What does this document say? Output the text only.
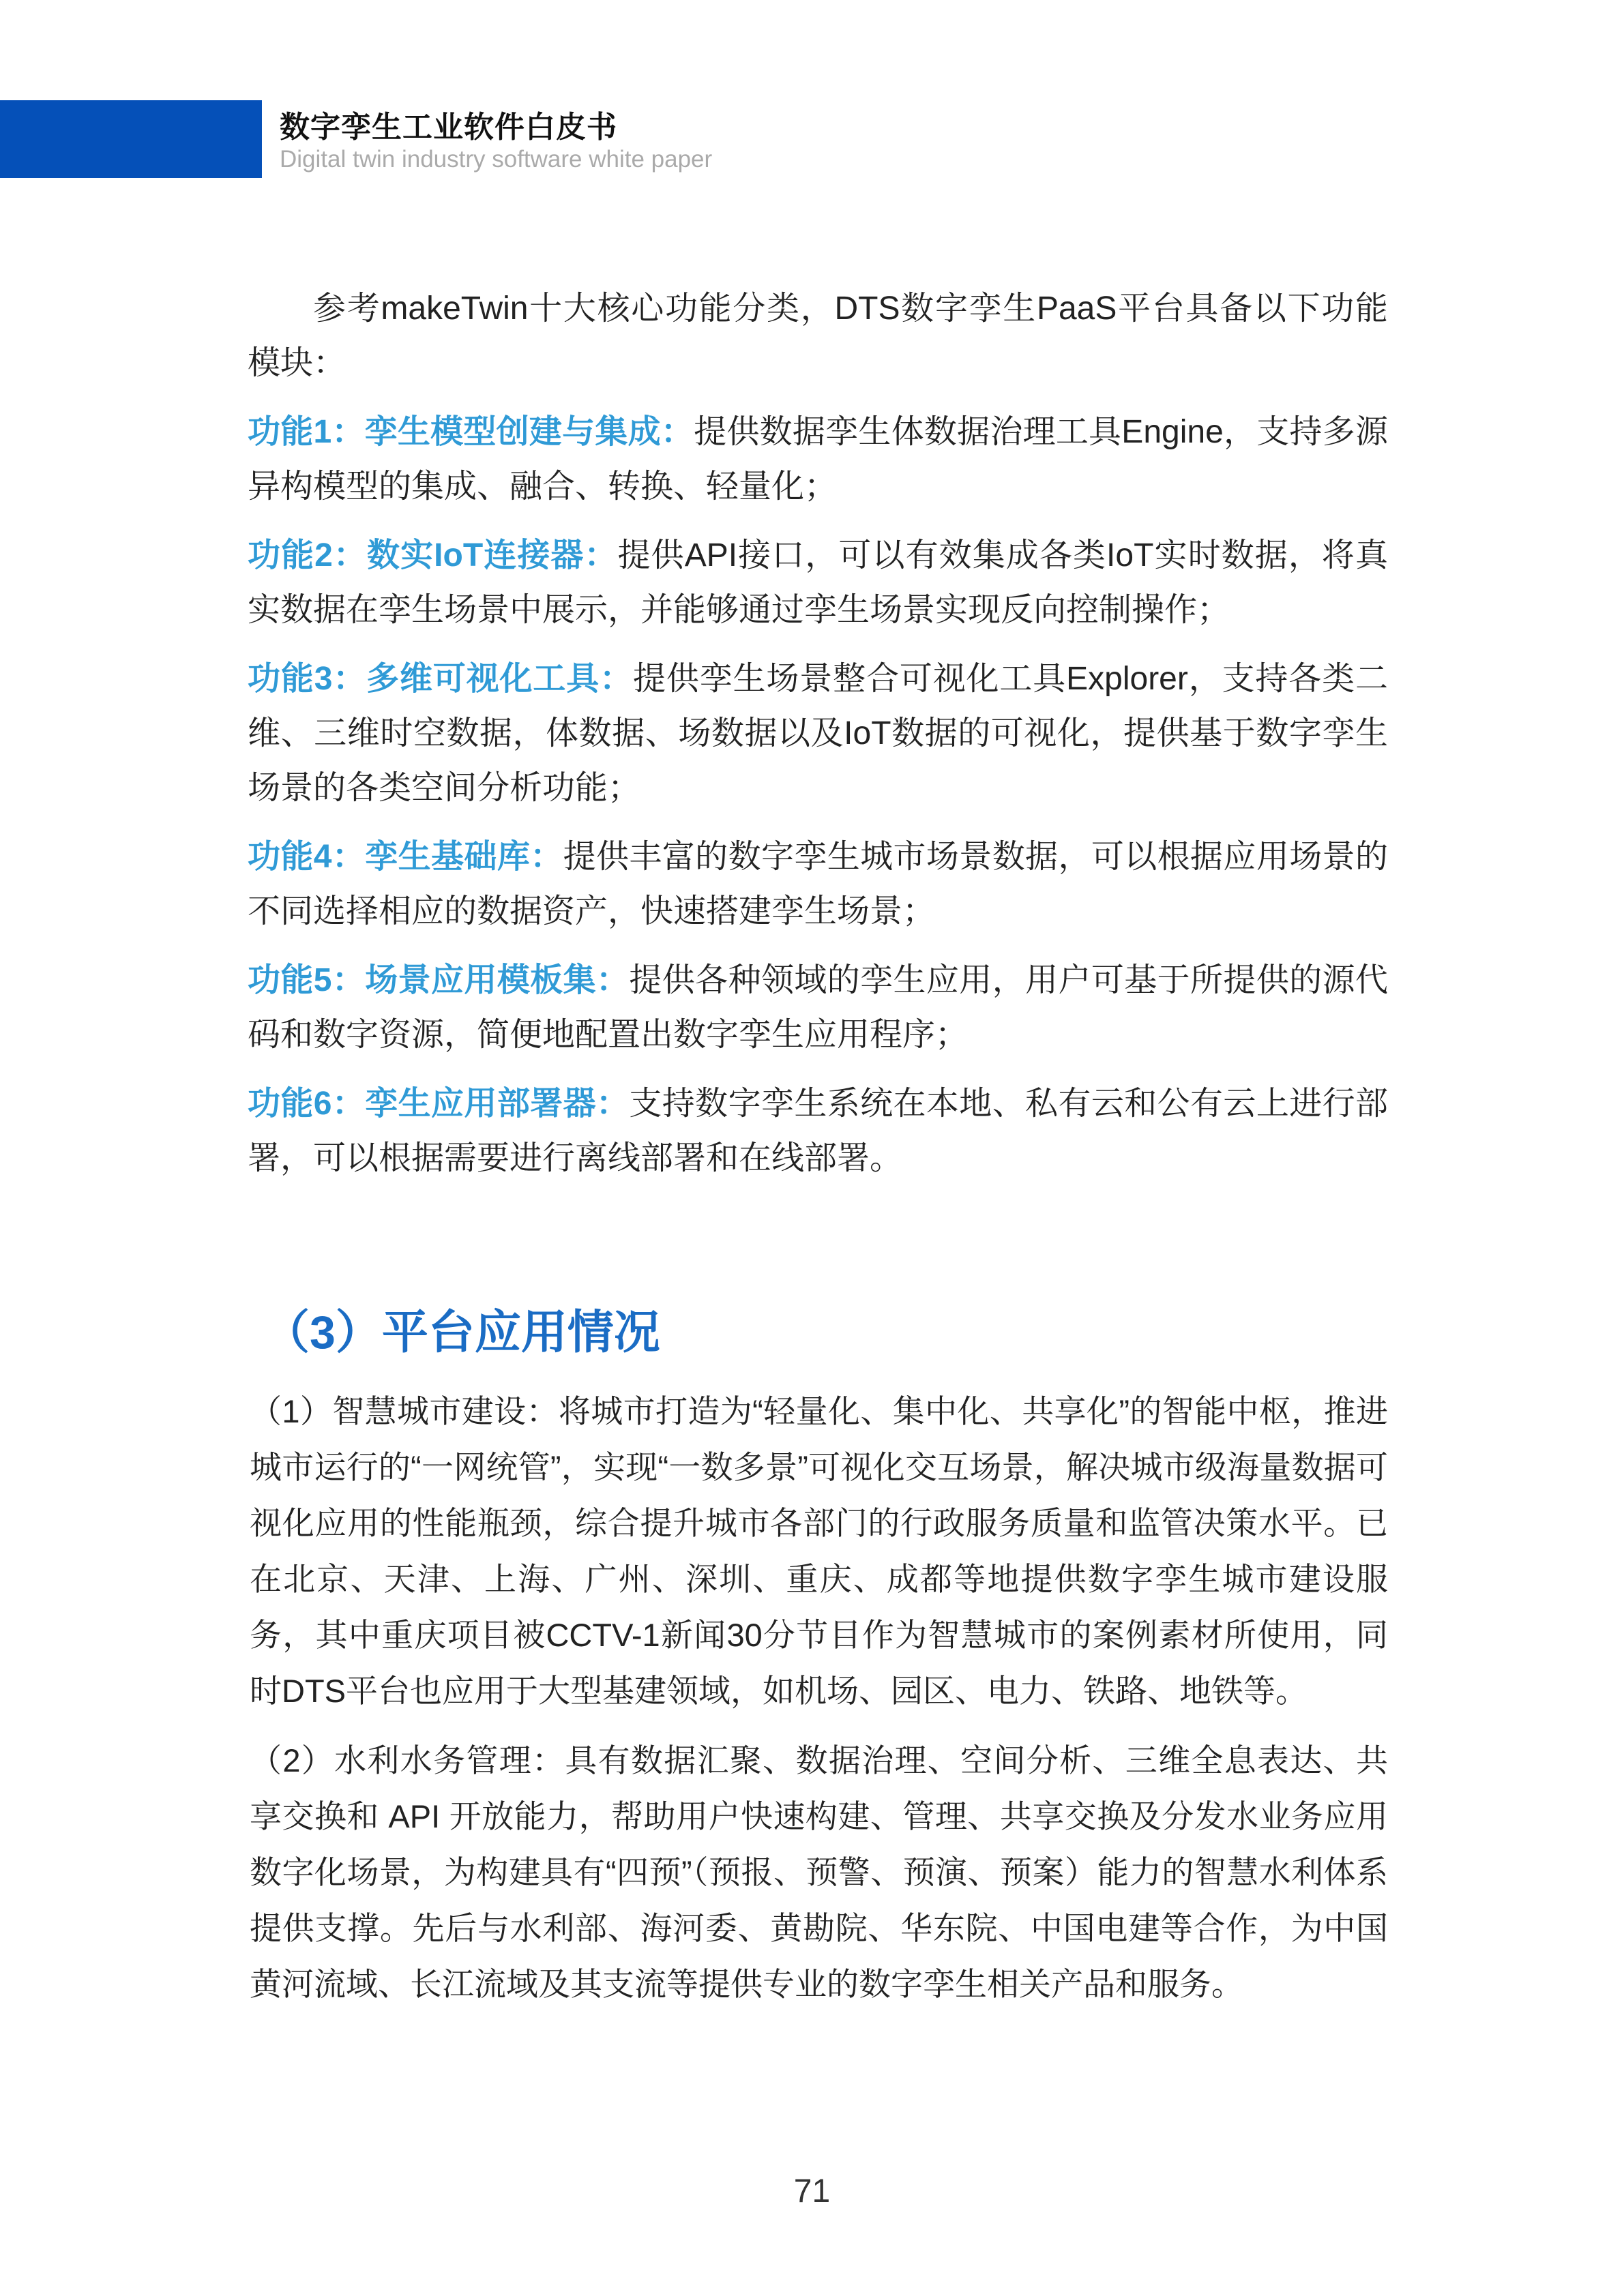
数字孪生工业软件白皮书
Digital twin industry software white paper

参考makeTwin十大核心功能分类，DTS数字孪生PaaS平台具备以下功能模块：

功能1：孪生模型创建与集成：提供数据孪生体数据治理工具Engine，支持多源异构模型的集成、融合、转换、轻量化；

功能2：数实IoT连接器：提供API接口，可以有效集成各类IoT实时数据，将真实数据在孪生场景中展示，并能够通过孪生场景实现反向控制操作；

功能3：多维可视化工具：提供孪生场景整合可视化工具Explorer，支持各类二维、三维时空数据，体数据、场数据以及IoT数据的可视化，提供基于数字孪生场景的各类空间分析功能；

功能4：孪生基础库：提供丰富的数字孪生城市场景数据，可以根据应用场景的不同选择相应的数据资产，快速搭建孪生场景；

功能5：场景应用模板集：提供各种领域的孪生应用，用户可基于所提供的源代码和数字资源，简便地配置出数字孪生应用程序；

功能6：孪生应用部署器：支持数字孪生系统在本地、私有云和公有云上进行部署，可以根据需要进行离线部署和在线部署。

（3）平台应用情况

（1）智慧城市建设：将城市打造为“轻量化、集中化、共享化”的智能中枢，推进城市运行的“一网统管”，实现“一数多景”可视化交互场景，解决城市级海量数据可视化应用的性能瓶颈，综合提升城市各部门的行政服务质量和监管决策水平。已在北京、天津、上海、广州、深圳、重庆、成都等地提供数字孪生城市建设服务，其中重庆项目被CCTV-1新闻30分节目作为智慧城市的案例素材所使用，同时DTS平台也应用于大型基建领域，如机场、园区、电力、铁路、地铁等。

（2）水利水务管理：具有数据汇聚、数据治理、空间分析、三维全息表达、共享交换和 API 开放能力，帮助用户快速构建、管理、共享交换及分发水业务应用数字化场景，为构建具有“四预”（预报、预警、预演、预案）能力的智慧水利体系提供支撑。先后与水利部、海河委、黄勘院、华东院、中国电建等合作，为中国黄河流域、长江流域及其支流等提供专业的数字孪生相关产品和服务。

71
